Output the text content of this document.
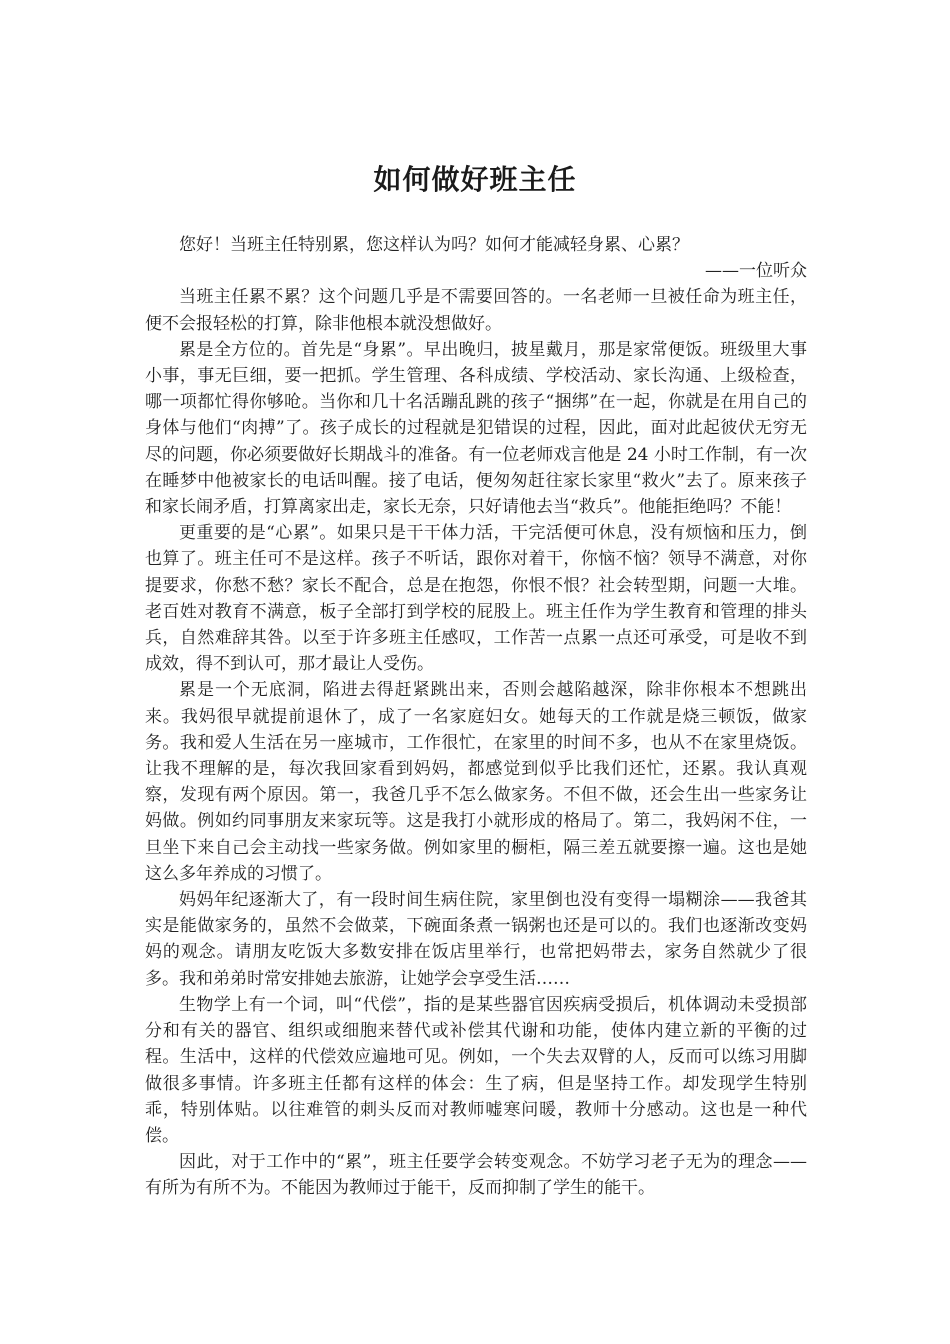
如何做好班主任

您好！当班主任特别累，您这样认为吗？如何才能减轻身累、心累？

——一位听众

当班主任累不累？这个问题几乎是不需要回答的。一名老师一旦被任命为班主任，便不会报轻松的打算，除非他根本就没想做好。

累是全方位的。首先是“身累”。早出晚归，披星戴月，那是家常便饭。班级里大事小事，事无巨细，要一把抓。学生管理、各科成绩、学校活动、家长沟通、上级检查，哪一项都忙得你够呛。当你和几十名活蹦乱跳的孩子“捆绑”在一起，你就是在用自己的身体与他们“肉搏”了。孩子成长的过程就是犯错误的过程，因此，面对此起彼伏无穷无尽的问题，你必须要做好长期战斗的准备。有一位老师戏言他是 24 小时工作制，有一次在睡梦中他被家长的电话叫醒。接了电话，便匆匆赶往家长家里“救火”去了。原来孩子和家长闹矛盾，打算离家出走，家长无奈，只好请他去当“救兵”。他能拒绝吗？不能！

更重要的是“心累”。如果只是干干体力活，干完活便可休息，没有烦恼和压力，倒也算了。班主任可不是这样。孩子不听话，跟你对着干，你恼不恼？领导不满意，对你提要求，你愁不愁？家长不配合，总是在抱怨，你恨不恨？社会转型期，问题一大堆。老百姓对教育不满意，板子全部打到学校的屁股上。班主任作为学生教育和管理的排头兵，自然难辞其咎。以至于许多班主任感叹，工作苦一点累一点还可承受，可是收不到成效，得不到认可，那才最让人受伤。

累是一个无底洞，陷进去得赶紧跳出来，否则会越陷越深，除非你根本不想跳出来。我妈很早就提前退休了，成了一名家庭妇女。她每天的工作就是烧三顿饭，做家务。我和爱人生活在另一座城市，工作很忙，在家里的时间不多，也从不在家里烧饭。让我不理解的是，每次我回家看到妈妈，都感觉到似乎比我们还忙，还累。我认真观察，发现有两个原因。第一，我爸几乎不怎么做家务。不但不做，还会生出一些家务让妈做。例如约同事朋友来家玩等。这是我打小就形成的格局了。第二，我妈闲不住，一旦坐下来自己会主动找一些家务做。例如家里的橱柜，隔三差五就要擦一遍。这也是她这么多年养成的习惯了。

妈妈年纪逐渐大了，有一段时间生病住院，家里倒也没有变得一塌糊涂——我爸其实是能做家务的，虽然不会做菜，下碗面条煮一锅粥也还是可以的。我们也逐渐改变妈妈的观念。请朋友吃饭大多数安排在饭店里举行，也常把妈带去，家务自然就少了很多。我和弟弟时常安排她去旅游，让她学会享受生活……

生物学上有一个词，叫“代偿”，指的是某些器官因疾病受损后，机体调动未受损部分和有关的器官、组织或细胞来替代或补偿其代谢和功能，使体内建立新的平衡的过程。生活中，这样的代偿效应遍地可见。例如，一个失去双臂的人，反而可以练习用脚做很多事情。许多班主任都有这样的体会：生了病，但是坚持工作。却发现学生特别乖，特别体贴。以往难管的刺头反而对教师嘘寒问暖，教师十分感动。这也是一种代偿。

因此，对于工作中的“累”，班主任要学会转变观念。不妨学习老子无为的理念——有所为有所不为。不能因为教师过于能干，反而抑制了学生的能干。
